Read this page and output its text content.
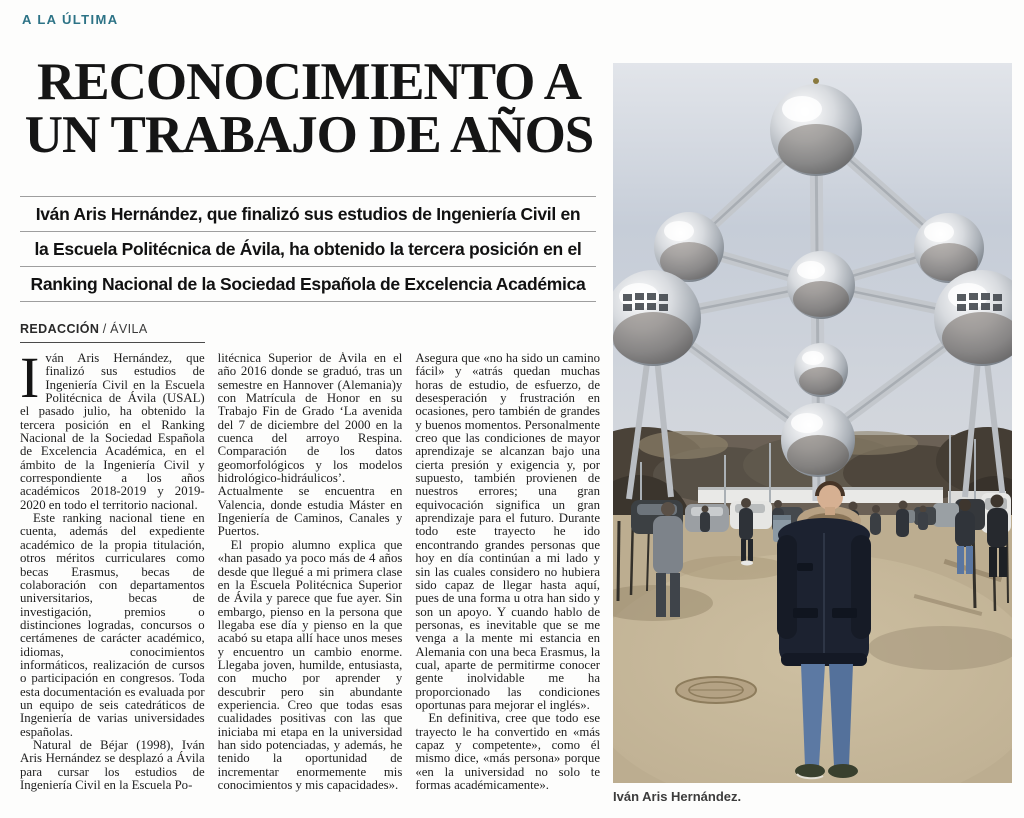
A LA ÚLTIMA
RECONOCIMIENTO A
UN TRABAJO DE AÑOS
Iván Aris Hernández, que finalizó sus estudios de Ingeniería Civil en
la Escuela Politécnica de Ávila, ha obtenido la tercera posición en el
Ranking Nacional de la Sociedad Española de Excelencia Académica
REDACCIÓN / ÁVILA

Iván Aris Hernández, que finalizó sus estudios de Ingeniería Civil en la Escuela Politécnica de Ávila (USAL) el pasado julio, ha obtenido la tercera posición en el Ranking Nacional de la Sociedad Española de Excelencia Académica, en el ámbito de la Ingeniería Civil y correspondiente a los años académicos 2018-2019 y 2019-2020 en todo el territorio nacional.

Este ranking nacional tiene en cuenta, además del expediente académico de la propia titulación, otros méritos curriculares como becas Erasmus, becas de colaboración con departamentos universitarios, becas de investigación, premios o distinciones logradas, concursos o certámenes de carácter académico, idiomas, conocimientos informáticos, realización de cursos o participación en congresos. Toda esta documentación es evaluada por un equipo de seis catedráticos de Ingeniería de varias universidades españolas.

Natural de Béjar (1998), Iván Aris Hernández se desplazó a Ávila para cursar los estudios de Ingeniería Civil en la Escuela Po-

litécnica Superior de Ávila en el año 2016 donde se graduó, tras un semestre en Hannover (Alemania)y con Matrícula de Honor en su Trabajo Fin de Grado ‘La avenida del 7 de diciembre del 2000 en la cuenca del arroyo Respina. Comparación de los datos geomorfológicos y los modelos hidrológico-hidráulicos’. Actualmente se encuentra en Valencia, donde estudia Máster en Ingeniería de Caminos, Canales y Puertos.

El propio alumno explica que «han pasado ya poco más de 4 años desde que llegué a mi primera clase en la Escuela Politécnica Superior de Ávila y parece que fue ayer. Sin embargo, pienso en la persona que llegaba ese día y pienso en la que acabó su etapa allí hace unos meses y encuentro un cambio enorme. Llegaba joven, humilde, entusiasta, con mucho por aprender y descubrir pero sin abundante experiencia. Creo que todas esas cualidades positivas con las que iniciaba mi etapa en la universidad han sido potenciadas, y además, he tenido la oportunidad de incrementar enormemente mis conocimientos y mis capacidades».

Asegura que «no ha sido un camino fácil» y «atrás quedan muchas horas de estudio, de esfuerzo, de desesperación y frustración en ocasiones, pero también de grandes y buenos momentos. Personalmente creo que las condiciones de mayor aprendizaje se alcanzan bajo una cierta presión y exigencia y, por supuesto, también provienen de nuestros errores; una gran equivocación significa un gran aprendizaje para el futuro. Durante todo este trayecto he ido encontrando grandes personas que hoy en día continúan a mi lado y sin las cuales considero no hubiera sido capaz de llegar hasta aquí, pues de una forma u otra han sido y son un apoyo. Y cuando hablo de personas, es inevitable que se me venga a la mente mi estancia en Alemania con una beca Erasmus, la cual, aparte de permitirme conocer gente inolvidable me ha proporcionado las condiciones oportunas para mejorar el inglés».

En definitiva, cree que todo ese trayecto le ha convertido en «más capaz y competente», como él mismo dice, «más persona» porque «en la universidad no solo te formas académicamente».

Iván Aris Hernández.
